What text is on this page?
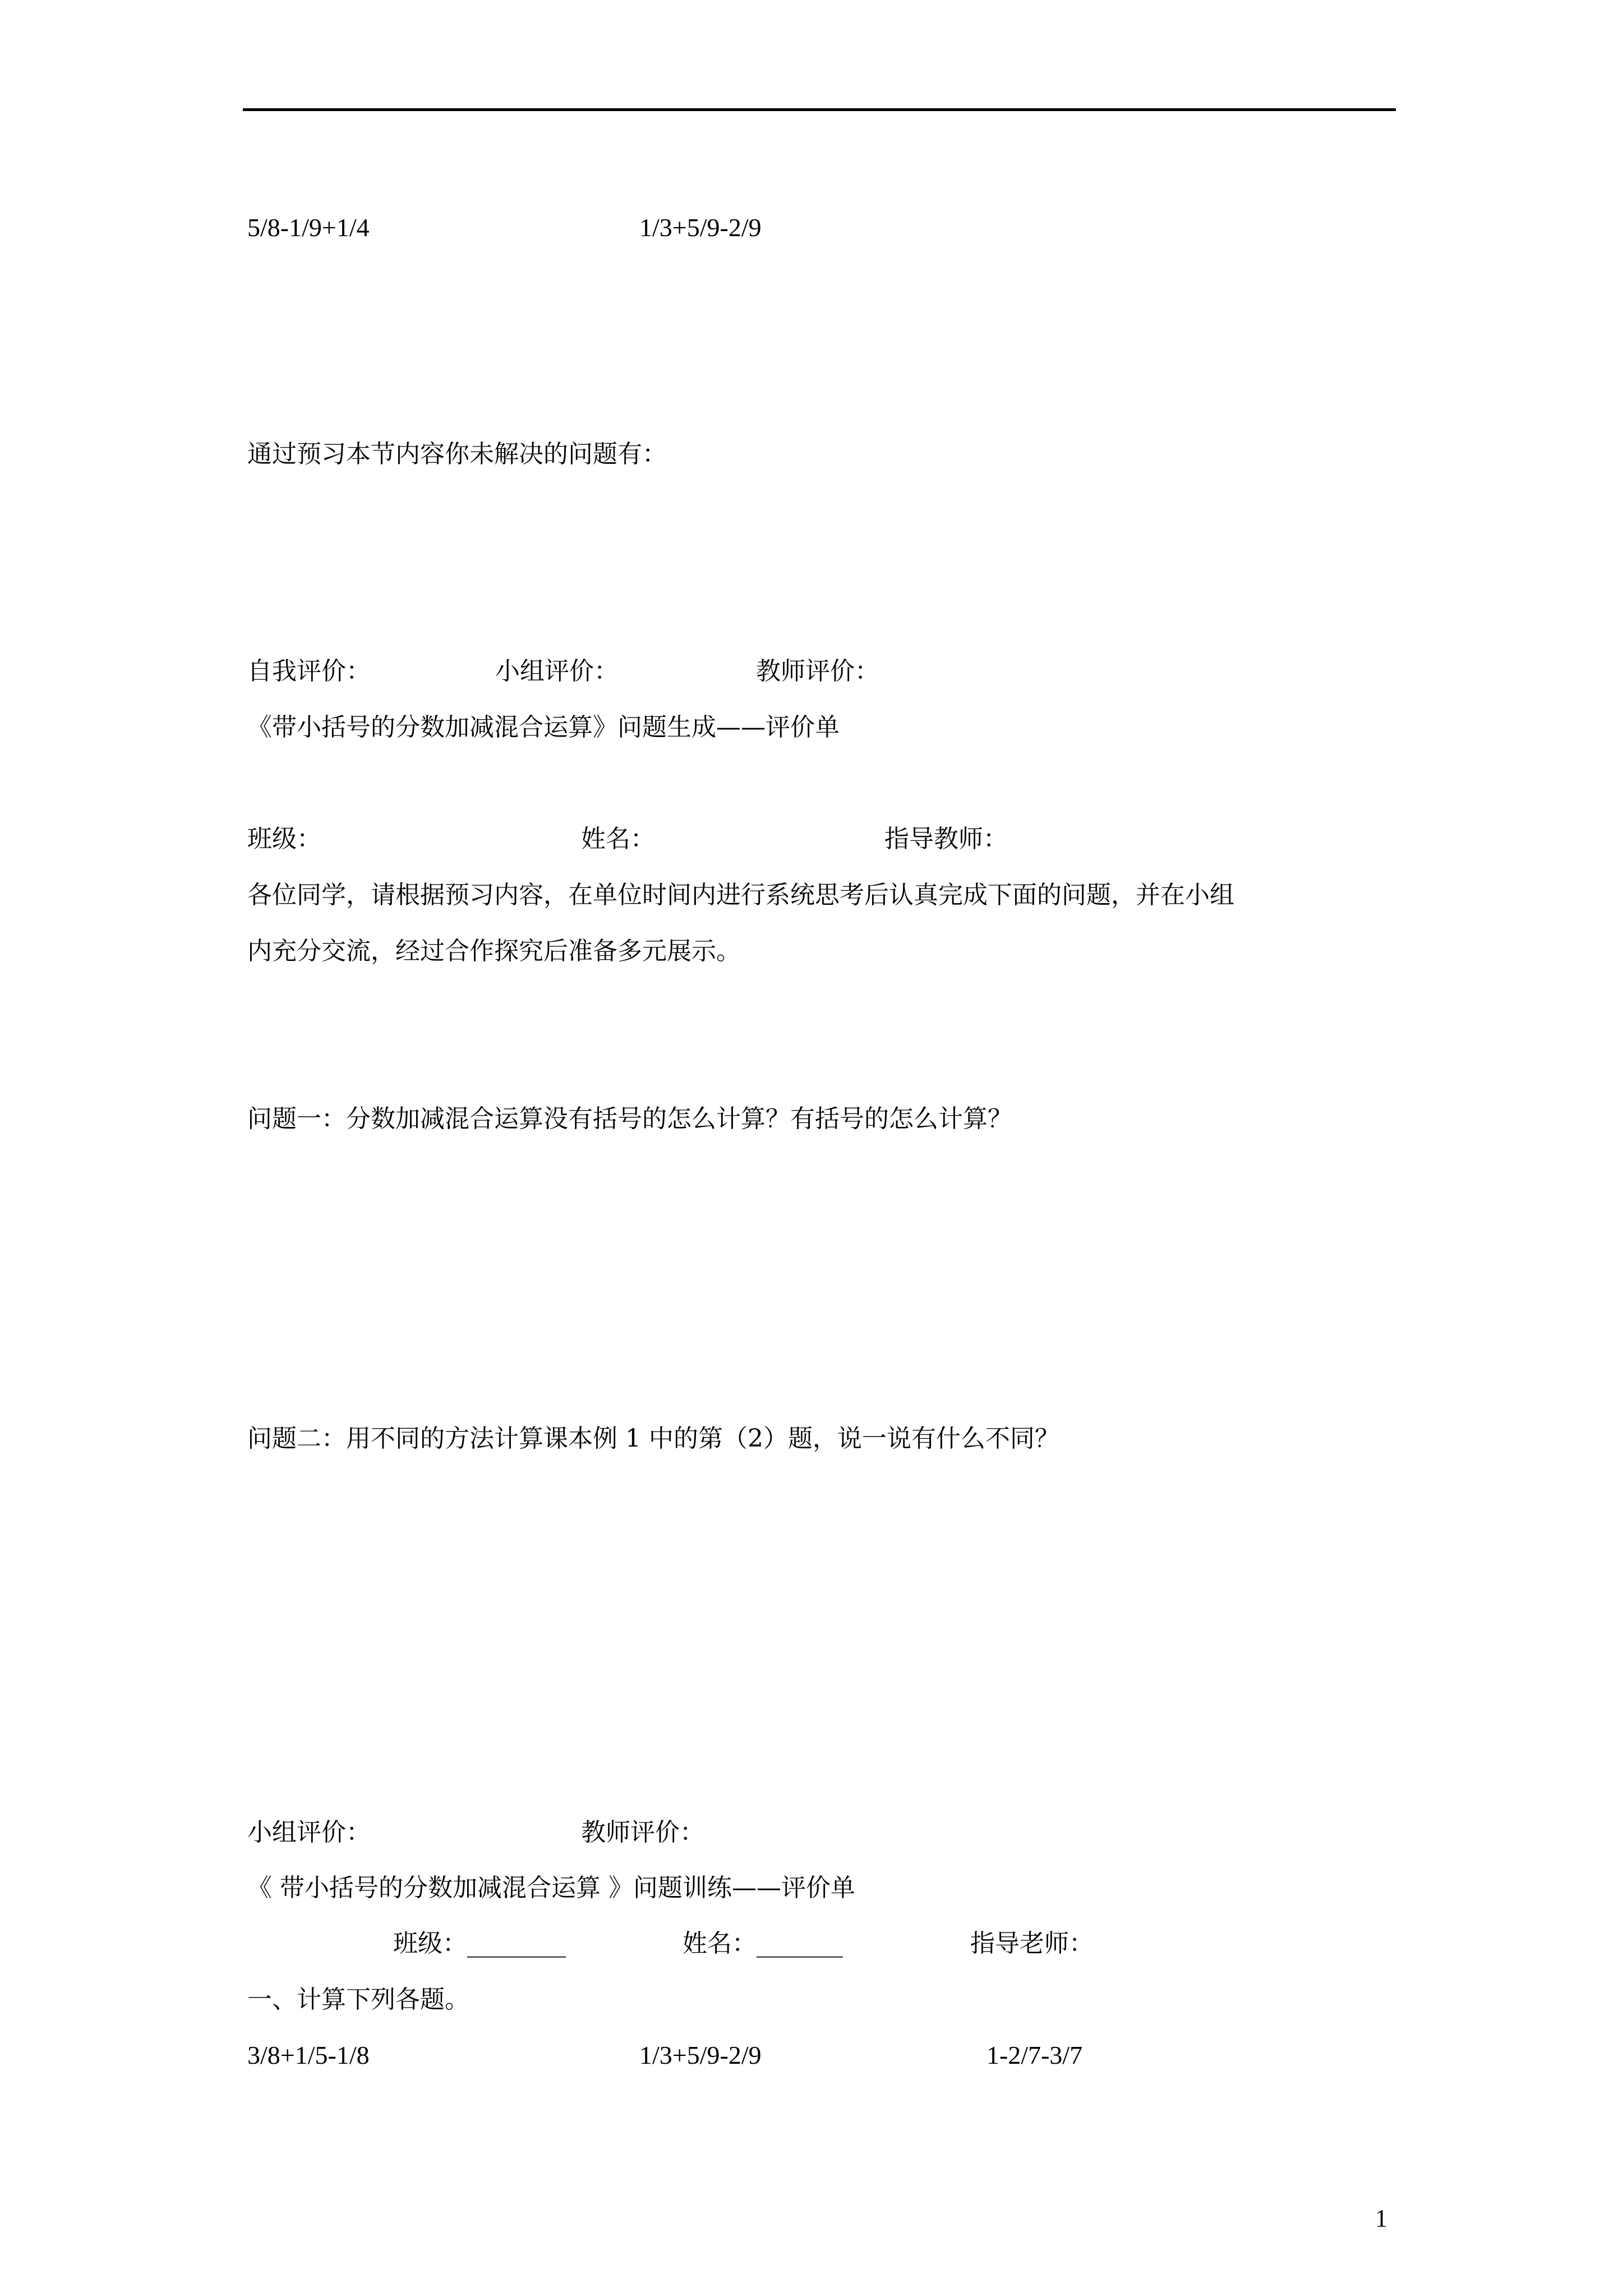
5/8-1/9+1/4	1/3+5/9-2/9
通过预习本节内容你未解决的问题有：
自我评价：	小组评价：	教师评价：
《带小括号的分数加减混合运算》问题生成——评价单
班级：	姓名：	指导教师：
各位同学，请根据预习内容，在单位时间内进行系统思考后认真完成下面的问题，并在小组
内充分交流，经过合作探究后准备多元展示。
问题一：分数加减混合运算没有括号的怎么计算？有括号的怎么计算？
问题二：用不同的方法计算课本例 1 中的第（2）题，说一说有什么不同？
小组评价：	教师评价：
《 带小括号的分数加减混合运算 》问题训练——评价单
班级：________	姓名：_______	指导老师：
一、计算下列各题。
3/8+1/5-1/8	1/3+5/9-2/9	1-2/7-3/7
1
